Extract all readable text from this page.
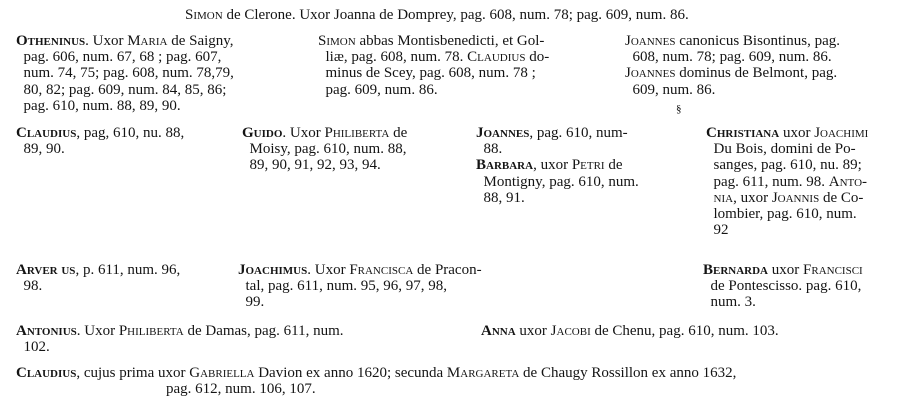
Simon de Clerone. Uxor Joanna de Domprey, pag. 608, num. 78; pag. 609, num. 86.
Otheninus. Uxor Maria de Saigny,
pag. 606, num. 67, 68 ; pag. 607,
num. 74, 75; pag. 608, num. 78,79,
80, 82; pag. 609, num. 84, 85, 86;
pag. 610, num. 88, 89, 90.
Simon abbas Montisbenedicti, et Gol-
liæ, pag. 608, num. 78. Claudius do-
minus de Scey, pag. 608, num. 78 ;
pag. 609, num. 86.
Joannes canonicus Bisontinus, pag.
608, num. 78; pag. 609, num. 86.
Joannes dominus de Belmont, pag.
609, num. 86.
Claudius, pag, 610, nu. 88,
89, 90.
Guido. Uxor Philiberta de
Moisy, pag. 610, num. 88,
89, 90, 91, 92, 93, 94.
Joannes, pag. 610, num-
88.
Barbara, uxor Petri de
Montigny, pag. 610, num.
88, 91.
Christiana uxor Joachimi
Du Bois, domini de Po-
sanges, pag. 610, nu. 89;
pag. 611, num. 98. Anto-
nia, uxor Joannis de Co-
lombier, pag. 610, num.
92
Arver us, p. 611, num. 96,
98.
Joachimus. Uxor Francisca de Pracon-
tal, pag. 611, num. 95, 96, 97, 98,
99.
Bernarda uxor Francisci
de Pontescisso. pag. 610,
num. 3.
Antonius. Uxor Philiberta de Damas, pag. 611, num.
102.
Anna uxor Jacobi de Chenu, pag. 610, num. 103.
Claudius, cujus prima uxor Gabriella Davion ex anno 1620; secunda Margareta de Chaugy Rossillon ex anno 1632,
pag. 612, num. 106, 107.
§
